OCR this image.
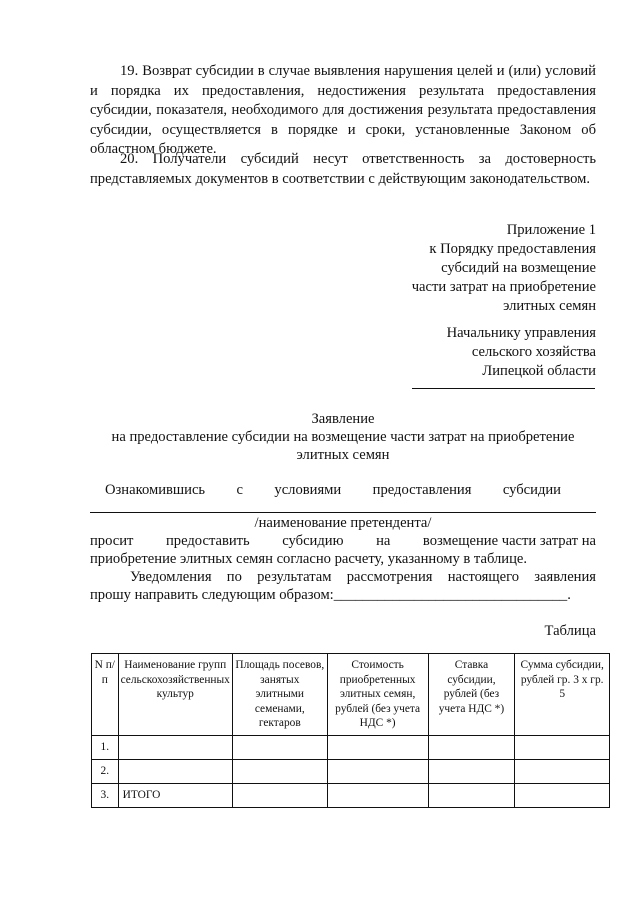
19. Возврат субсидии в случае выявления нарушения целей и (или) условий и порядка их предоставления, недостижения результата предоставления субсидии, показателя, необходимого для достижения результата предоставления субсидии, осуществляется в порядке и сроки, установленные Законом об областном бюджете.

20. Получатели субсидий несут ответственность за достоверность представляемых документов в соответствии с действующим законодательством.

Приложение 1
к Порядку предоставления
субсидий на возмещение
части затрат на приобретение
элитных семян
Начальнику управления
сельского хозяйства
Липецкой области
Заявление
на предоставление субсидии на возмещение части затрат на приобретение
элитных семян
Ознакомившись с условиями предоставления субсидии
/наименование претендента/
просит предоставить субсидию на возмещение части затрат на
приобретение элитных семян согласно расчету, указанному в таблице.
Уведомления по результатам рассмотрения настоящего заявления
прошу направить следующим образом:________________________________.
Таблица
N п/п	Наименование групп сельскохозяйственных культур	Площадь посевов, занятых элитными семенами, гектаров	Стоимость приобретенных элитных семян, рублей (без учета НДС *)	Ставка субсидии, рублей (без учета НДС *)	Сумма субсидии, рублей гр. 3 х гр. 5
1.					
2.					
3.	ИТОГО				
